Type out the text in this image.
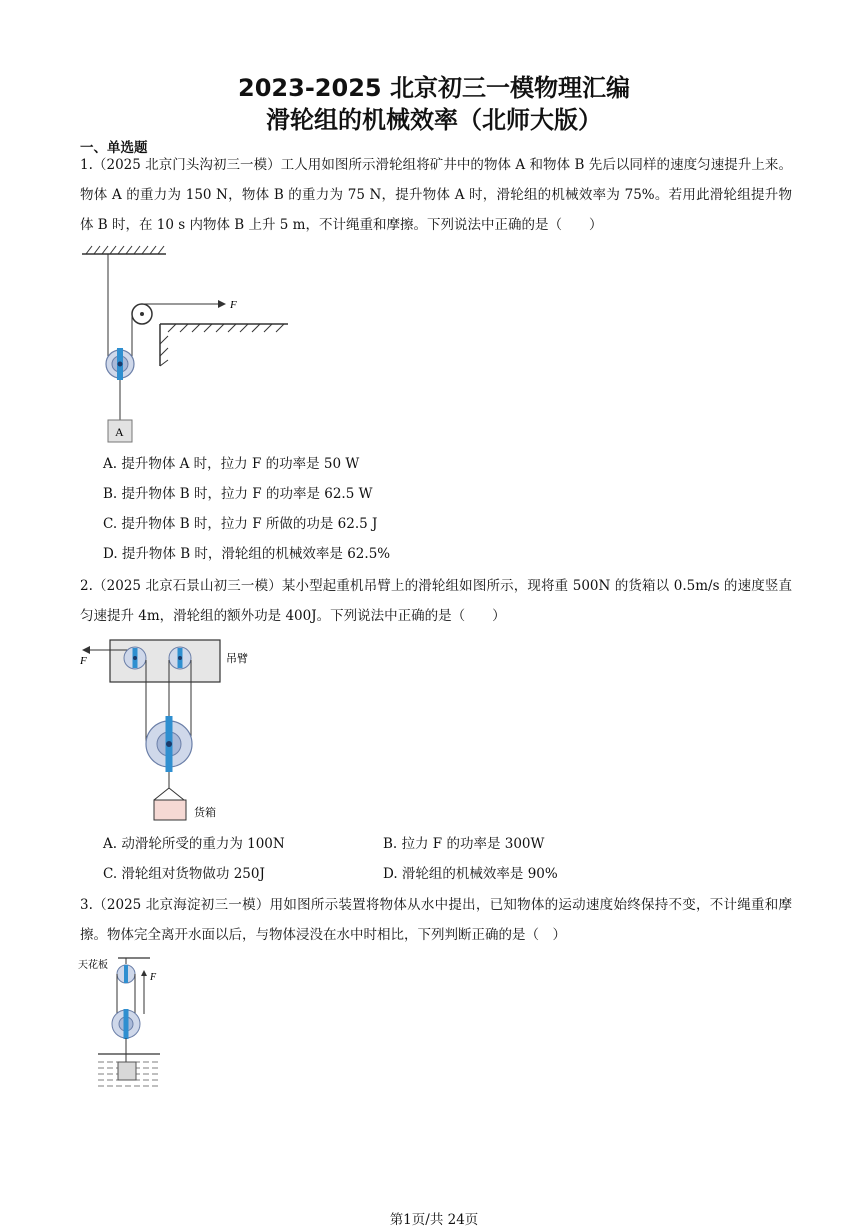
2023-2025 北京初三一模物理汇编
滑轮组的机械效率（北师大版）
一、单选题
1.（2025 北京门头沟初三一模）工人用如图所示滑轮组将矿井中的物体 A 和物体 B 先后以同样的速度匀速提升上来。物体 A 的重力为 150 N，物体 B 的重力为 75 N，提升物体 A 时，滑轮组的机械效率为 75%。若用此滑轮组提升物体 B 时，在 10 s 内物体 B 上升 5 m，不计绳重和摩擦。下列说法中正确的是（　　）
F
A
A. 提升物体 A 时，拉力 F 的功率是 50 W
B. 提升物体 B 时，拉力 F 的功率是 62.5 W
C. 提升物体 B 时，拉力 F 所做的功是 62.5 J
D. 提升物体 B 时，滑轮组的机械效率是 62.5%
2.（2025 北京石景山初三一模）某小型起重机吊臂上的滑轮组如图所示，现将重 500N 的货箱以 0.5m/s 的速度竖直匀速提升 4m，滑轮组的额外功是 400J。下列说法中正确的是（　　）
吊臂
F
货箱
A. 动滑轮所受的重力为 100N	B. 拉力 F 的功率是 300W
C. 滑轮组对货物做功 250J	D. 滑轮组的机械效率是 90%
3.（2025 北京海淀初三一模）用如图所示装置将物体从水中提出，已知物体的运动速度始终保持不变，不计绳重和摩擦。物体完全离开水面以后，与物体浸没在水中时相比，下列判断正确的是（　）
天花板
F
第1页/共 24页
